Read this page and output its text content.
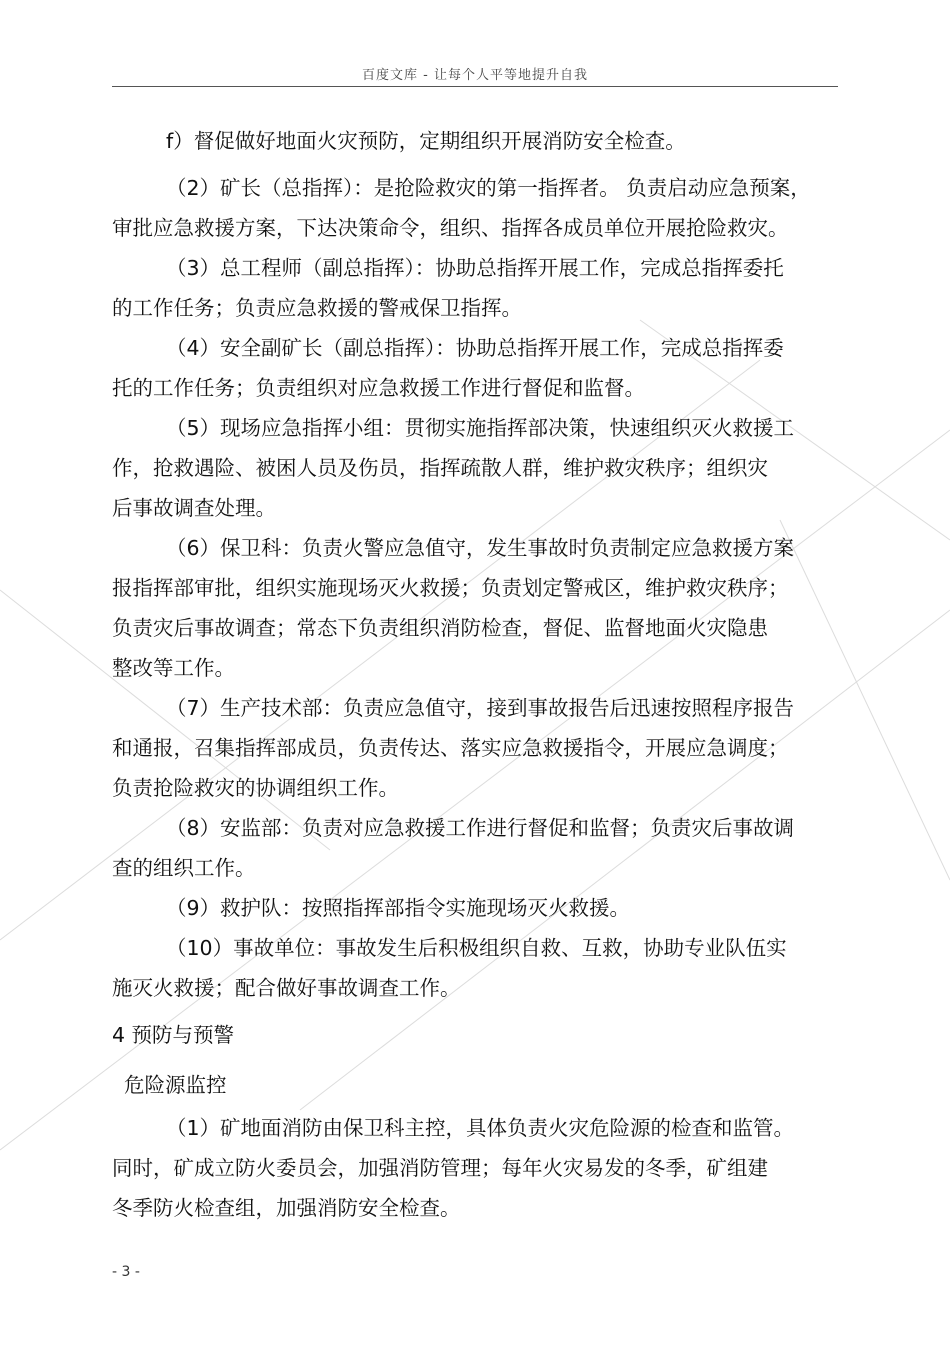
百度文库 - 让每个人平等地提升自我
f）督促做好地面火灾预防，定期组织开展消防安全检查。
（2）矿长（总指挥）：是抢险救灾的第一指挥者。 负责启动应急预案，
审批应急救援方案，下达决策命令，组织、指挥各成员单位开展抢险救灾。
（3）总工程师（副总指挥）：协助总指挥开展工作，完成总指挥委托
的工作任务；负责应急救援的警戒保卫指挥。
（4）安全副矿长（副总指挥）：协助总指挥开展工作，完成总指挥委
托的工作任务；负责组织对应急救援工作进行督促和监督。
（5）现场应急指挥小组：贯彻实施指挥部决策，快速组织灭火救援工
作，抢救遇险、被困人员及伤员，指挥疏散人群，维护救灾秩序；组织灾
后事故调查处理。
（6）保卫科：负责火警应急值守，发生事故时负责制定应急救援方案
报指挥部审批，组织实施现场灭火救援；负责划定警戒区，维护救灾秩序；
负责灾后事故调查；常态下负责组织消防检查，督促、监督地面火灾隐患
整改等工作。
（7）生产技术部：负责应急值守，接到事故报告后迅速按照程序报告
和通报，召集指挥部成员，负责传达、落实应急救援指令，开展应急调度；
负责抢险救灾的协调组织工作。
（8）安监部：负责对应急救援工作进行督促和监督；负责灾后事故调
查的组织工作。
（9）救护队：按照指挥部指令实施现场灭火救援。
（10）事故单位：事故发生后积极组织自救、互救，协助专业队伍实
施灭火救援；配合做好事故调查工作。
4 预防与预警
危险源监控
（1）矿地面消防由保卫科主控，具体负责火灾危险源的检查和监管。
同时，矿成立防火委员会，加强消防管理；每年火灾易发的冬季，矿组建
冬季防火检查组，加强消防安全检查。
- 3 -
